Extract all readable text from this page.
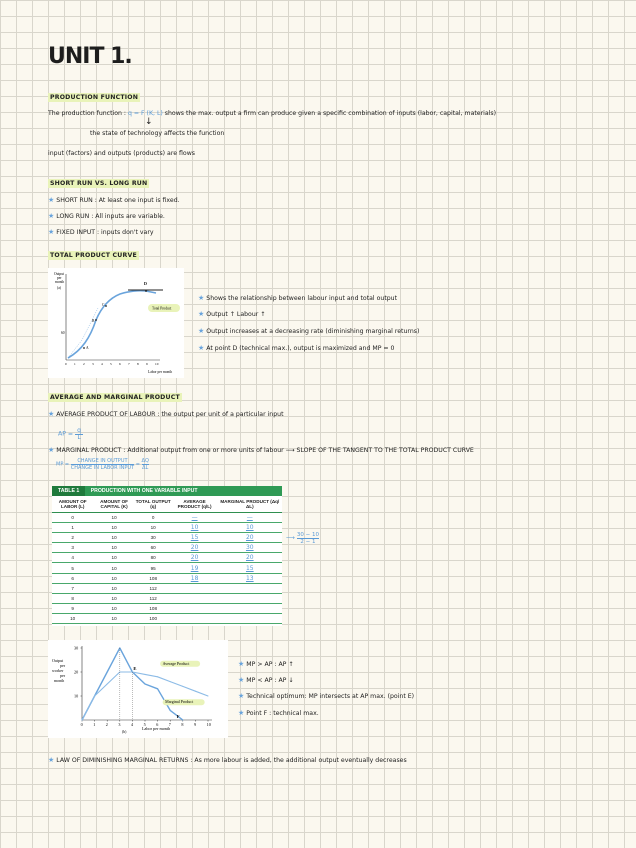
UNIT 1.
PRODUCTION FUNCTION
The production function : q = F (K, L) shows the max. output a firm can produce given a specific combination of inputs (labor, capital, materials)
↓
the state of technology affects the function
input (factors) and outputs (products) are flows
SHORT RUN VS. LONG RUN
★ SHORT RUN : At least one input is fixed.
★ LONG RUN : All inputs are variable.
★ FIXED INPUT : inputs don't vary
TOTAL PRODUCT CURVE
Output
per
month
(a)
60
0 1 2 3 4 5 6 7 8 9 10
Labor per month
A
B
C
D
Total Product
★ Shows the relationship between labour input and total output
★ Output ↑ Labour ↑
★ Output increases at a decreasing rate (diminishing marginal returns)
★ At point D (technical max.), output is maximized and MP = 0
AVERAGE AND MARGINAL PRODUCT
★ AVERAGE PRODUCT OF LABOUR : the output per unit of a particular input
AP = $\frac{q}{L}$
★ MARGINAL PRODUCT : Additional output from one or more units of labour ⟶ SLOPE OF THE TANGENT TO THE TOTAL PRODUCT CURVE
MP =
CHANGE IN OUTPUT
CHANGE IN LABOR INPUT
= $\frac{\Delta Q}{\Delta L}$
TABLE 1 PRODUCTION WITH ONE VARIABLE INPUT
AMOUNT OF LABOR (L)	AMOUNT OF CAPITAL (K)	TOTAL OUTPUT (q)	AVERAGE PRODUCT (q/L)	MARGINAL PRODUCT (Δq/ΔL)
0	10	0	—	—
1	10	10	10	10
2	10	30	15	20
3	10	60	20	30
4	10	80	20	20
5	10	95	19	15
6	10	108	18	13
7	10	112		
8	10	112		
9	10	108		
10	10	100		
⟶ $\frac{30 - 10}{2 - 1}$
0	1	2	3	4	5	6	7	8	9	10
10
20
30
Output
per
worker
per
month
Labor per month
(b)
Average Product
Marginal Product
E
F
★ MP > AP : AP ↑
★ MP < AP : AP ↓
★ Technical optimum: MP intersects at AP max. (point E)
★ Point F : technical max.
★ LAW OF DIMINISHING MARGINAL RETURNS : As more labour is added, the additional output eventually decreases
